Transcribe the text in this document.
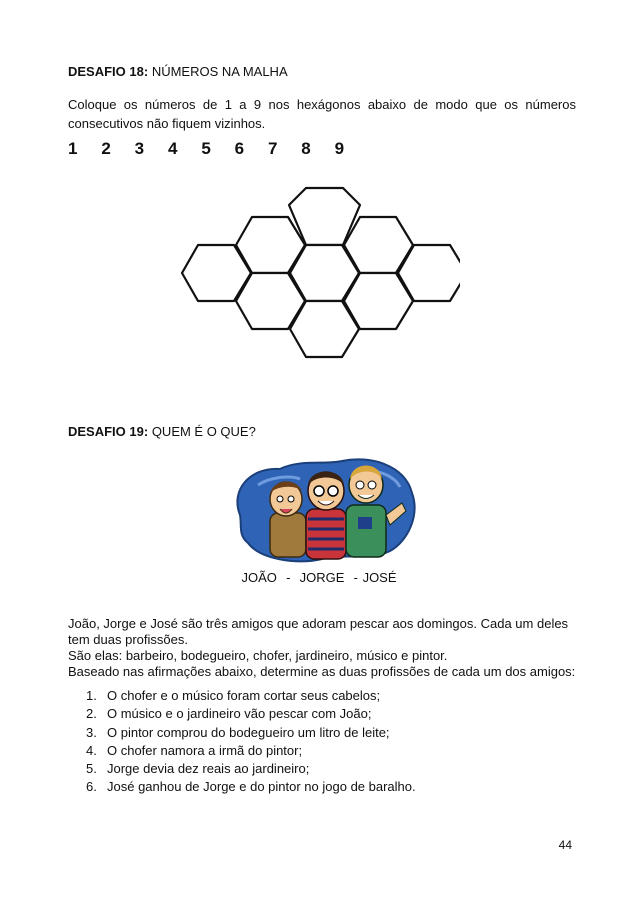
DESAFIO 18: NÚMEROS NA MALHA
Coloque os números de 1 a 9 nos hexágonos abaixo de modo que os números consecutivos não fiquem vizinhos.
1	2	3	4	5	6	7	8	9
DESAFIO 19: QUEM É O QUE?
JOÃO  -  JORGE  - JOSÉ
João, Jorge e José são três amigos que adoram pescar aos domingos. Cada um deles tem duas profissões.
São elas: barbeiro, bodegueiro, chofer, jardineiro, músico e pintor.
Baseado nas afirmações abaixo, determine as duas profissões de cada um dos amigos:
1. O chofer e o músico foram cortar seus cabelos;
2. O músico e o jardineiro vão pescar com João;
3. O pintor comprou do bodegueiro um litro de leite;
4. O chofer namora a irmã do pintor;
5. Jorge devia dez reais ao jardineiro;
6. José ganhou de Jorge e do pintor no jogo de baralho.
44
